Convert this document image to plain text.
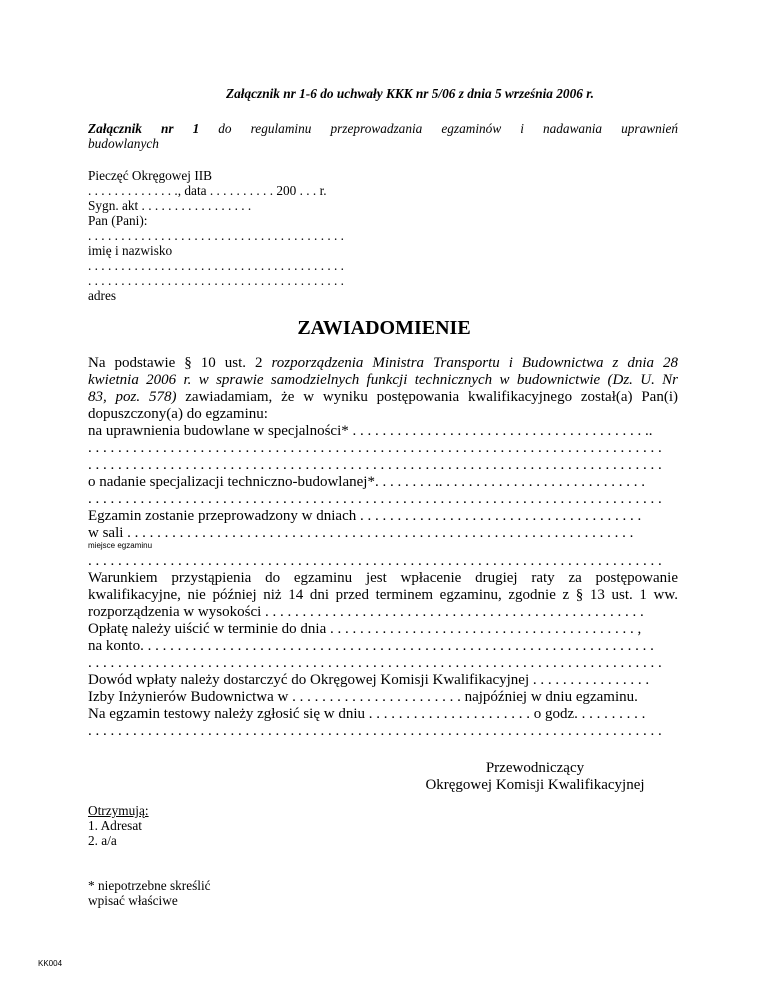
Załącznik nr 1-6 do uchwały KKK nr 5/06 z dnia 5 września 2006 r.
Załącznik nr 1 do regulaminu przeprowadzania egzaminów i nadawania uprawnień
budowlanych
Pieczęć Okręgowej IIB
. . . . . . . . . . . . . ., data . . . . . . . . . . 200 . . . r.
Sygn. akt . . . . . . . . . . . . . . . . .
Pan (Pani):
. . . . . . . . . . . . . . . . . . . . . . . . . . . . . . . . . . . . . . .
imię i nazwisko
. . . . . . . . . . . . . . . . . . . . . . . . . . . . . . . . . . . . . . .
. . . . . . . . . . . . . . . . . . . . . . . . . . . . . . . . . . . . . . .
adres
ZAWIADOMIENIE
Na podstawie § 10 ust. 2 rozporządzenia Ministra Transportu i Budownictwa z dnia 28
kwietnia 2006 r. w sprawie samodzielnych funkcji technicznych w budownictwie (Dz. U. Nr
83, poz. 578) zawiadamiam, że w wyniku postępowania kwalifikacyjnego został(a) Pan(i)
dopuszczony(a) do egzaminu:
na uprawnienia budowlane w specjalności* . . . . . . . . . . . . . . . . . . . . . . . . . . . . . . . . . . . . . . . ..
. . . . . . . . . . . . . . . . . . . . . . . . . . . . . . . . . . . . . . . . . . . . . . . . . . . . . . . . . . . . . . . . . . . . . . . . . . . . .
. . . . . . . . . . . . . . . . . . . . . . . . . . . . . . . . . . . . . . . . . . . . . . . . . . . . . . . . . . . . . . . . . . . . . . . . . . . . .
o nadanie specjalizacji techniczno-budowlanej*. . . . . . . . .. . . . . . . . . . . . . . . . . . . . . . . . . . . .
. . . . . . . . . . . . . . . . . . . . . . . . . . . . . . . . . . . . . . . . . . . . . . . . . . . . . . . . . . . . . . . . . . . . . . . . . . . . .
Egzamin zostanie przeprowadzony w dniach . . . . . . . . . . . . . . . . . . . . . . . . . . . . . . . . . . . . . .
w sali . . . . . . . . . . . . . . . . . . . . . . . . . . . . . . . . . . . . . . . . . . . . . . . . . . . . . . . . . . . . . . . . . . . .
miejsce egzaminu
. . . . . . . . . . . . . . . . . . . . . . . . . . . . . . . . . . . . . . . . . . . . . . . . . . . . . . . . . . . . . . . . . . . . . . . . . . . . .
Warunkiem przystąpienia do egzaminu jest wpłacenie drugiej raty za postępowanie
kwalifikacyjne, nie później niż 14 dni przed terminem egzaminu, zgodnie z § 13 ust. 1 ww.
rozporządzenia w wysokości . . . . . . . . . . . . . . . . . . . . . . . . . . . . . . . . . . . . . . . . . . . . . . . . . . .
Opłatę należy uiścić w terminie do dnia . . . . . . . . . . . . . . . . . . . . . . . . . . . . . . . . . . . . . . . . . ,
na konto. . . . . . . . . . . . . . . . . . . . . . . . . . . . . . . . . . . . . . . . . . . . . . . . . . . . . . . . . . . . . . . . . . . . .
. . . . . . . . . . . . . . . . . . . . . . . . . . . . . . . . . . . . . . . . . . . . . . . . . . . . . . . . . . . . . . . . . . . . . . . . . . . . .
Dowód wpłaty należy dostarczyć do Okręgowej Komisji Kwalifikacyjnej . . . . . . . . . . . . . . . .
Izby Inżynierów Budownictwa w . . . . . . . . . . . . . . . . . . . . . . . najpóźniej w dniu egzaminu.
Na egzamin testowy należy zgłosić się w dniu . . . . . . . . . . . . . . . . . . . . . . o godz. . . . . . . . . .
. . . . . . . . . . . . . . . . . . . . . . . . . . . . . . . . . . . . . . . . . . . . . . . . . . . . . . . . . . . . . . . . . . . . . . . . . . . . .
Przewodniczący
Okręgowej Komisji Kwalifikacyjnej
Otrzymują:
1. Adresat
2. a/a
* niepotrzebne skreślić
wpisać właściwe
KK004
